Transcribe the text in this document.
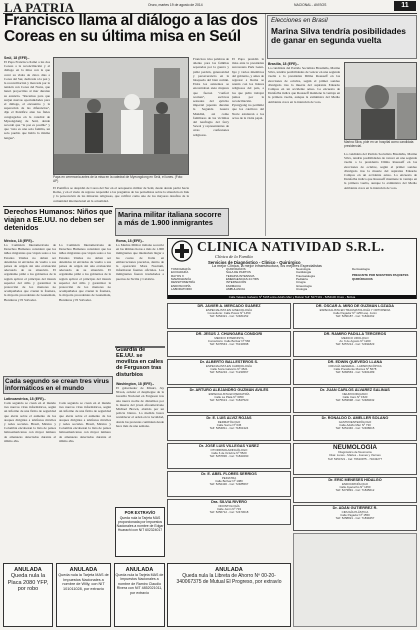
LA PATRIA	Oruro, martes 19 de agosto de 2014	NACIONAL - AVISOS	11
Francisco llama al diálogo a las dos Coreas en su última misa en Seúl
Seúl, 18 (EFE).-
El Papa Francisco llamó a las dos Coreas a la reconciliación y al diálogo en la misa con la que cerró su visita de cinco días a Corea del Sur, dedicada a la paz y la reconciliación y marcada por la tensión con Corea del Norte, que lanzó proyectiles al mar durante su estancia. "Recemos para que surjan nuevas oportunidades para el diálogo, el encuentro y la superación de las diferencias", dijo el Pontífice ante los fieles congregados en la catedral de Myeongdong de Seúl, donde recordó que "la paz es posible" y que "esta es una sola familia, un solo pueblo que habla la misma lengua".
Papa en ceremonia antes de la misa en la catedral de Myeongdong en Seúl, el lunes. (Foto: AP)
Francisco tuvo palabras de aliento para las familias separadas por la guerra y pidió perdón, generosidad y perseverancia en la búsqueda del bien común. Entre los asistentes se encontraban siete mujeres que fueron "confort women", esclavas sexuales del ejército imperial japonés durante la Segunda Guerra Mundial, así como familiares de las víctimas del naufragio del ferry Sewol y representantes de otras confesiones religiosas.
El Papa presidió la misa ante la presidenta surcoreana Park Geun-hye y varios miembros del gobierno, y antes de regresar a Roma se reunió con los líderes religiosos del país, a los que pidió trabajar juntos por la reconciliación. Pyongyang no permitió que los católicos del Norte asistieran a los actos de la visita papal.
El Pontífice se despidió de Corea del Sur en el aeropuerto militar de Seúl, desde donde partió hacia Roma, y en el vuelo de regreso respondió a las preguntas de los periodistas sobre la situación en Irak y la persecución de las minorías religiosas, que calificó como uno de los mayores desafíos de la comunidad internacional en la actualidad.
Elecciones en Brasil
Marina Silva tendría posibilidades de ganar en segunda vuelta
Brasilia, 18 (EFE).-
La candidata del Partido Socialista Brasileño, Marina Silva, tendría posibilidades de vencer en una segunda vuelta a la presidenta Dilma Rousseff en las elecciones de octubre, según el primer sondeo divulgado tras la muerte del aspirante Eduardo Campos en un accidente aéreo. La encuesta de Datafolha indica que Rousseff mantiene la ventaja en la primera vuelta, aunque la exministra del Medio Ambiente crece en la intención de voto.
Marina Silva, pide en un hospital como candidata presidencial.
La candidata del Partido Socialista Brasileño, Marina Silva, tendría posibilidades de vencer en una segunda vuelta a la presidenta Dilma Rousseff en las elecciones de octubre, según el primer sondeo divulgado tras la muerte del aspirante Eduardo Campos en un accidente aéreo. La encuesta de Datafolha indica que Rousseff mantiene la ventaja en la primera vuelta, aunque la exministra del Medio Ambiente crece en la intención de voto.
Derechos Humanos: Niños que viajan a EE.UU. no deben ser detenidos
México, 18 (EFE).-
La Comisión Interamericana de Derechos Humanos consideró que los niños migrantes que viajan solos a los Estados Unidos no deben ser detenidos ni enviados de vuelta a sus países de origen sin una evaluación adecuada de su situación. El organismo pidió a los gobiernos de la región aplicar el principio del interés superior del niño y garantizar la protección de los menores no acompañados que cruzan la frontera, la mayoría procedentes de Guatemala, Honduras y El Salvador.
La Comisión Interamericana de Derechos Humanos consideró que los niños migrantes que viajan solos a los Estados Unidos no deben ser detenidos ni enviados de vuelta a sus países de origen sin una evaluación adecuada de su situación. El organismo pidió a los gobiernos de la región aplicar el principio del interés superior del niño y garantizar la protección de los menores no acompañados que cruzan la frontera, la mayoría procedentes de Guatemala, Honduras y El Salvador.
Marina militar italiana socorre a más de 1.900 inmigrantes
Roma, 18 (EFE).-
La Marina Militar italiana socorrió en las últimas horas a más de 1.900 inmigrantes que intentaban llegar a las costas de Italia en embarcaciones precarias, dentro de la operación Mare Nostrum, informaron fuentes oficiales. Los inmigrantes fueron trasladados a puertos de Sicilia y Calabria.
CLINICA NATIVIDAD S.R.L.
Clínica de la Familia
Servicios de Diagnóstico - Clínico - Quirúrgico
La mejor Clínica, la mejor infraestructura, los mejores Especialistas
TOMOGRAFÍA
ECOGRAFÍA
RAYOS X
MAMOGRAFÍA
DENSITOMETRÍA
ENDOSCOPÍA
LABORATORIO
QUIRÓFANOS
SALA DE PARTOS
TERAPIA INTENSIVA
EMERGENCIAS 24 HRS
INTERNACIÓN
FARMACIA
AMBULANCIA
Neurología
Cardiología
Traumatología
Pediatría
Cirugía
Ginecología
Urología
Dermatología
PREGUNTE POR NUESTROS PAQUETES QUIRÚRGICOS
Calle Velasco Galvarro Nº 5165 entre Adolfo Mier y Bolívar Telf: 5277101 - 5254100 Oruro - Bolivia
DR. JAVIER A. MERCADO SUÁREZ
ESPECIALISTA EN GINECOLOGÍA
Consultorio: Calle Potosí Nº 1450
Telf: 5254321 - Cel: 72484152
DR. ÓSCAR A. MIÑO DE GUZMÁN LOZADA
ESPECIALISTA EN TRAUMATOLOGÍA Y ORTOPEDIA
Calle Pagador Nº 1250 esq. Junín
Telf: 5250187 - Cel: 71841062
DR. JESÚS J. CHUNGARA CONDORI
MEDICO INTERNISTA
Consultorio: Calle Bolívar Nº 566
Telf: 5276543 - Cel: 76134598
DR. RAMIRO PADILLA TERCEROS
MEDICO UROLOGO
Av. 6 de Agosto Nº 1200
Telf: 5257214 - Cel: 72491823
Dr. ALBERTO BALLESTEROS S.
ESPECIALISTA EN CARDIOLOGÍA
Calle Soria Galvarro Nº 4521
Telf: 5251234 - Cel: 71234567
DR. EDWIN QUEVEDO LLANA
CIRUGÍA GENERAL - LAPAROSCÓPICA
Calle Presidente Montes Nº 5678
Telf: 5284563 - Cel: 72461289
Guardia de EE.UU. se moviliza en calles de Ferguson tras disturbios
Washington, 18 (EFE).-
El gobernador de Misuri, Jay Nixon, ordenó el despliegue de la Guardia Nacional en Ferguson tras una nueva noche de disturbios por la muerte del joven afroamericano Michael Brown, abatido por un policía blanco. La medida busca restablecer el orden en la localidad, donde las protestas continúan desde hace más de una semana.
Dr. ARTURO ALEJANDRO GUZMÁN AVILÉS
ESPECIALISTA EN PEDIATRÍA
Calle La Plata Nº 3050
Telf: 5275613 - Cel: 71847520
Dr. JUAN CARLOS ÁLVAREZ SALINAS
NEUROCIRUJANO
Calle Caro Nº 1520
Telf: 5253698 - Cel: 72484632
Cada segundo se crean tres virus informáticos en el mundo
Latinoamérica, 18 (EFE).-
Cada segundo se crean en el mundo tres nuevos virus informáticos, según un informe de una firma de seguridad que alerta sobre el aumento de los ataques dirigidos a teléfonos móviles y redes sociales. Brasil, México y Colombia encabezan la lista de países latinoamericanos con mayor número de amenazas detectadas durante el último año.
Cada segundo se crean en el mundo tres nuevos virus informáticos, según un informe de una firma de seguridad que alerta sobre el aumento de los ataques dirigidos a teléfonos móviles y redes sociales. Brasil, México y Colombia encabezan la lista de países latinoamericanos con mayor número de amenazas detectadas durante el último año.
Dr. E. LUIS ALVIZ ROJAS
DERMATÓLOGO
Calle Sucre Nº 645
Telf: 5254811 - Cel: 71861324
Dr. RONALDO D. AMELLER SOLANO
GASTROENTERÓLOGO
Calle Adolfo Mier Nº 730
Telf: 5251346 - Cel: 72468015
Dr. JOSÉ LUIS VILLEGAS YÁÑEZ
OTORRINOLARINGÓLOGO
Calle 6 de Octubre Nº 5520
Telf: 5257836 - Cel: 71843290
NEUMOLOGÍA
Diagnóstico de Neumonía
Días: Lunes - Martes - Jueves y Viernes
Telf: 5254721 - Cel: 76610975 - 71643277
Dr. E. ABEL FLORES SERRIOS
PEDIATRA
Calle Bolívar Nº 1080
Telf: 5252430 - Cel: 72485567
Dr. ERIC MENESES HIDALGO
ENDOCRINÓLOGO
Calle Ayacucho Nº 1450
Telf: 5273891 - Cel: 71845612
POR EXTRAVÍO
Queda nula la Tarjeta MAS proporcionada por Impuestos Nacionales a nombre de Edgar Huarachi con NIT 602324017
Dra. SILVIA RIVERO
ODONTOLOGÍA
Calle Junín Nº 733
Telf: 5256712 - Cel: 72473018
Dr. ADÁN GUTIÉRREZ R.
CIRUGÍA PLÁSTICA
Calle Pagador Nº 1550
Telf: 5258821 - Cel: 71839457
ANULADA
Queda nula la Placa 2080 YFP, por robo
ANULADA
Queda nula la Tarjeta MAS de Impuestos Nacionales a nombre de Willy, con NIT 101011028, por extravío
ANULADA
Queda nula la Tarjeta MAS de Impuestos Nacionales a nombre de Ramiro Claudio Rivera con NIT 4852021011, por extravío
ANULADA
Queda nula la Libreta de Ahorro Nº 00-20-340067375 de Mutual El Progreso, por extravío
